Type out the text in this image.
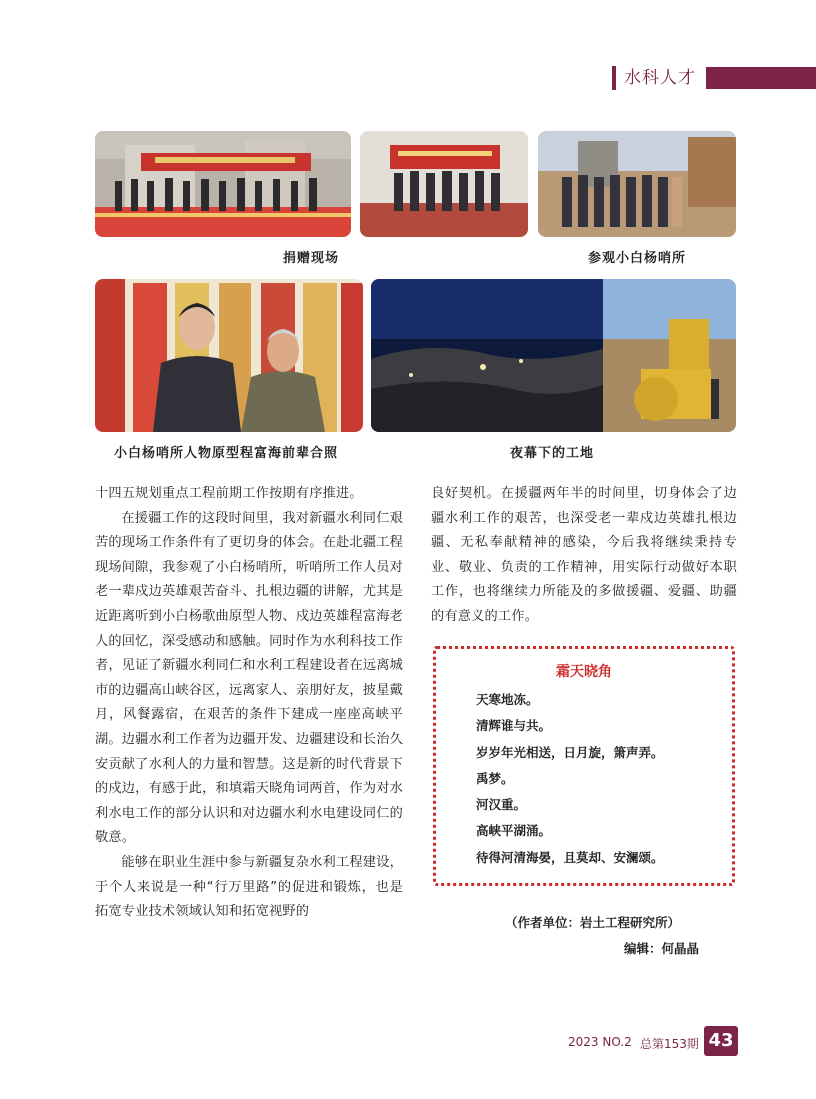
水科人才
捐赠现场	参观小白杨哨所
小白杨哨所人物原型程富海前辈合照	夜幕下的工地

十四五规划重点工程前期工作按期有序推进。

在援疆工作的这段时间里，我对新疆水利同仁艰苦的现场工作条件有了更切身的体会。在赴北疆工程现场间隙，我参观了小白杨哨所，听哨所工作人员对老一辈戍边英雄艰苦奋斗、扎根边疆的讲解，尤其是近距离听到小白杨歌曲原型人物、戍边英雄程富海老人的回忆，深受感动和感触。同时作为水利科技工作者，见证了新疆水利同仁和水利工程建设者在远离城市的边疆高山峡谷区，远离家人、亲朋好友，披星戴月，风餐露宿，在艰苦的条件下建成一座座高峡平湖。边疆水利工作者为边疆开发、边疆建设和长治久安贡献了水利人的力量和智慧。这是新的时代背景下的戍边，有感于此，和填霜天晓角词两首，作为对水利水电工作的部分认识和对边疆水利水电建设同仁的敬意。

能够在职业生涯中参与新疆复杂水利工程建设，于个人来说是一种“行万里路”的促进和锻炼，也是拓宽专业技术领域认知和拓宽视野的

良好契机。在援疆两年半的时间里，切身体会了边疆水利工作的艰苦，也深受老一辈戍边英雄扎根边疆、无私奉献精神的感染，今后我将继续秉持专业、敬业、负责的工作精神，用实际行动做好本职工作，也将继续力所能及的多做援疆、爱疆、助疆的有意义的工作。

霜天晓角
天寒地冻。
清辉谁与共。
岁岁年光相送，日月旋，箫声弄。
禹梦。
河汉重。
高峡平湖涌。
待得河清海晏，且莫却、安澜颂。
（作者单位：岩土工程研究所）
编辑：何晶晶
2023 NO.2 总第153期 43
